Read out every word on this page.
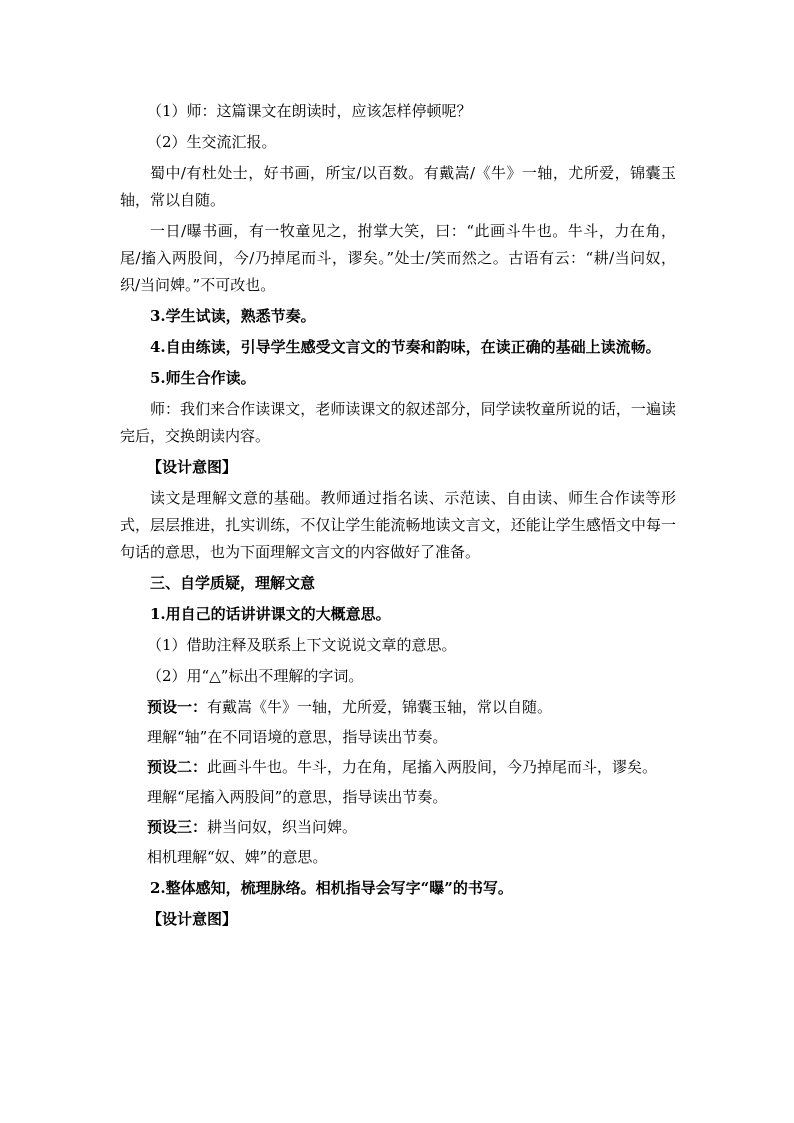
（1）师：这篇课文在朗读时，应该怎样停顿呢？

（2）生交流汇报。

蜀中/有杜处士，好书画，所宝/以百数。有戴嵩/《牛》一轴，尤所爱，锦囊玉轴，常以自随。

一日/曝书画，有一牧童见之，拊掌大笑，曰：“此画斗牛也。牛斗，力在角，尾/搐入两股间，今/乃掉尾而斗，谬矣。”处士/笑而然之。古语有云：“耕/当问奴，织/当问婢。”不可改也。

3.学生试读，熟悉节奏。

4.自由练读，引导学生感受文言文的节奏和韵味，在读正确的基础上读流畅。

5.师生合作读。

师：我们来合作读课文，老师读课文的叙述部分，同学读牧童所说的话，一遍读完后，交换朗读内容。

【设计意图】

读文是理解文意的基础。教师通过指名读、示范读、自由读、师生合作读等形式，层层推进，扎实训练，不仅让学生能流畅地读文言文，还能让学生感悟文中每一句话的意思，也为下面理解文言文的内容做好了准备。

三、自学质疑，理解文意

1.用自己的话讲讲课文的大概意思。

（1）借助注释及联系上下文说说文章的意思。

（2）用“△”标出不理解的字词。

预设一：有戴嵩《牛》一轴，尤所爱，锦囊玉轴，常以自随。

理解“轴”在不同语境的意思，指导读出节奏。

预设二：此画斗牛也。牛斗，力在角，尾搐入两股间，今乃掉尾而斗，谬矣。

理解“尾搐入两股间”的意思，指导读出节奏。

预设三：耕当问奴，织当问婢。

相机理解“奴、婢”的意思。

2.整体感知，梳理脉络。相机指导会写字“曝”的书写。

【设计意图】
